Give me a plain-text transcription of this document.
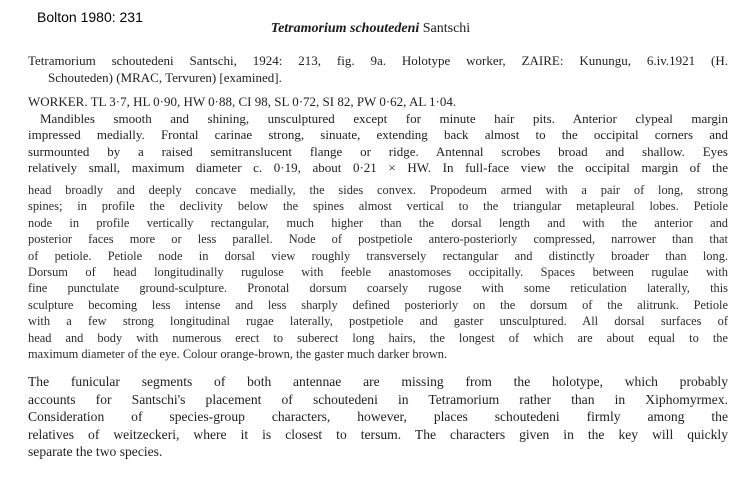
Bolton 1980: 231
Tetramorium schoutedeni Santschi
Tetramorium schoutedeni Santschi, 1924: 213, fig. 9a. Holotype worker, ZAIRE: Kunungu, 6.iv.1921 (H.
Schouteden) (MRAC, Tervuren) [examined].
WORKER. TL 3·7, HL 0·90, HW 0·88, CI 98, SL 0·72, SI 82, PW 0·62, AL 1·04.
Mandibles smooth and shining, unsculptured except for minute hair pits. Anterior clypeal margin
impressed medially. Frontal carinae strong, sinuate, extending back almost to the occipital corners and
surmounted by a raised semitranslucent flange or ridge. Antennal scrobes broad and shallow. Eyes
relatively small, maximum diameter c. 0·19, about 0·21 × HW. In full-face view the occipital margin of the
head broadly and deeply concave medially, the sides convex. Propodeum armed with a pair of long, strong
spines; in profile the declivity below the spines almost vertical to the triangular metapleural lobes. Petiole
node in profile vertically rectangular, much higher than the dorsal length and with the anterior and
posterior faces more or less parallel. Node of postpetiole antero-posteriorly compressed, narrower than that
of petiole. Petiole node in dorsal view roughly transversely rectangular and distinctly broader than long.
Dorsum of head longitudinally rugulose with feeble anastomoses occipitally. Spaces between rugulae with
fine punctulate ground-sculpture. Pronotal dorsum coarsely rugose with some reticulation laterally, this
sculpture becoming less intense and less sharply defined posteriorly on the dorsum of the alitrunk. Petiole
with a few strong longitudinal rugae laterally, postpetiole and gaster unsculptured. All dorsal surfaces of
head and body with numerous erect to suberect long hairs, the longest of which are about equal to the
maximum diameter of the eye. Colour orange-brown, the gaster much darker brown.
The funicular segments of both antennae are missing from the holotype, which probably
accounts for Santschi's placement of schoutedeni in Tetramorium rather than in Xiphomyrmex.
Consideration of species-group characters, however, places schoutedeni firmly among the
relatives of weitzeckeri, where it is closest to tersum. The characters given in the key will quickly
separate the two species.
